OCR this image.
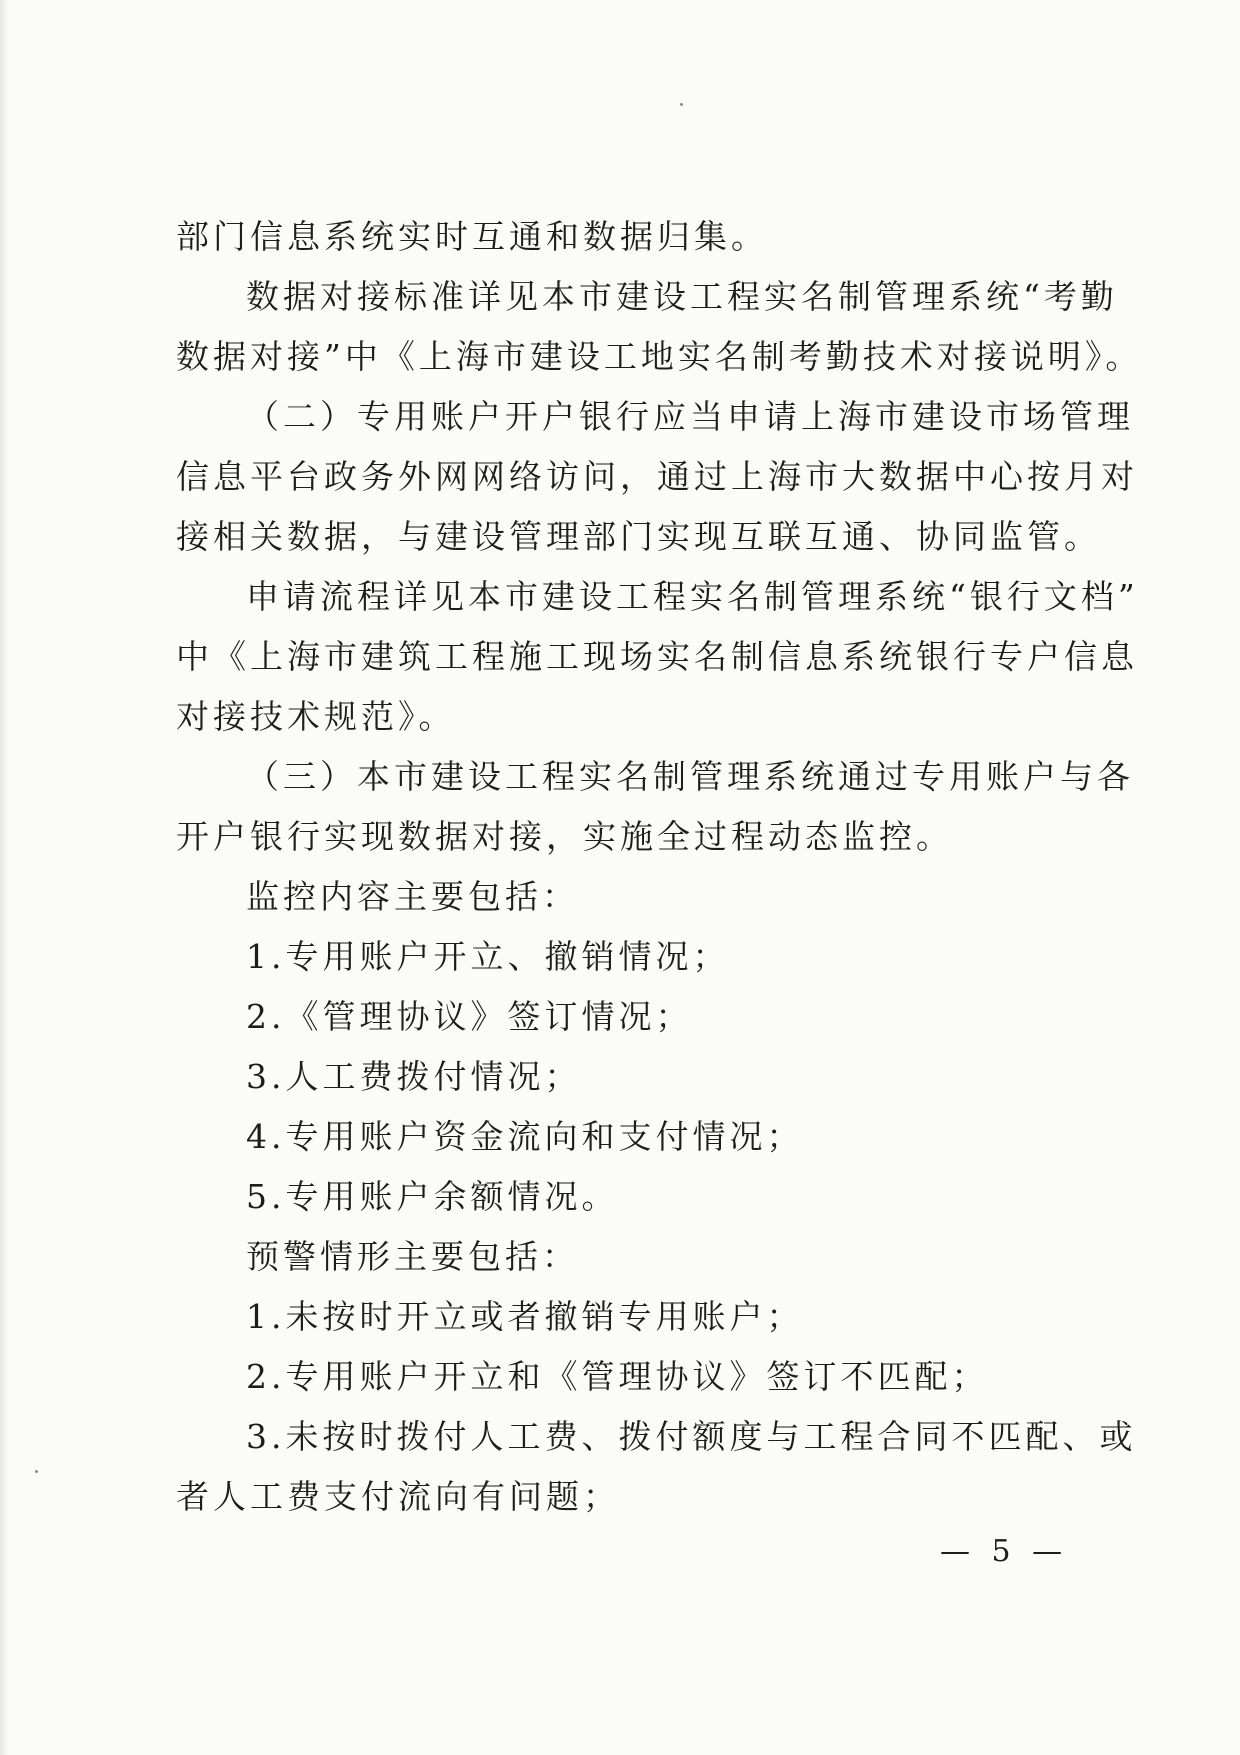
部门信息系统实时互通和数据归集。
数据对接标准详见本市建设工程实名制管理系统“考勤
数据对接”中《上海市建设工地实名制考勤技术对接说明》。
（二）专用账户开户银行应当申请上海市建设市场管理
信息平台政务外网网络访问，通过上海市大数据中心按月对
接相关数据，与建设管理部门实现互联互通、协同监管。
申请流程详见本市建设工程实名制管理系统“银行文档”
中《上海市建筑工程施工现场实名制信息系统银行专户信息
对接技术规范》。
（三）本市建设工程实名制管理系统通过专用账户与各
开户银行实现数据对接，实施全过程动态监控。
监控内容主要包括：
1.专用账户开立、撤销情况；
2.《管理协议》签订情况；
3.人工费拨付情况；
4.专用账户资金流向和支付情况；
5.专用账户余额情况。
预警情形主要包括：
1.未按时开立或者撤销专用账户；
2.专用账户开立和《管理协议》签订不匹配；
3.未按时拨付人工费、拨付额度与工程合同不匹配、或
者人工费支付流向有问题；
— 5 —
